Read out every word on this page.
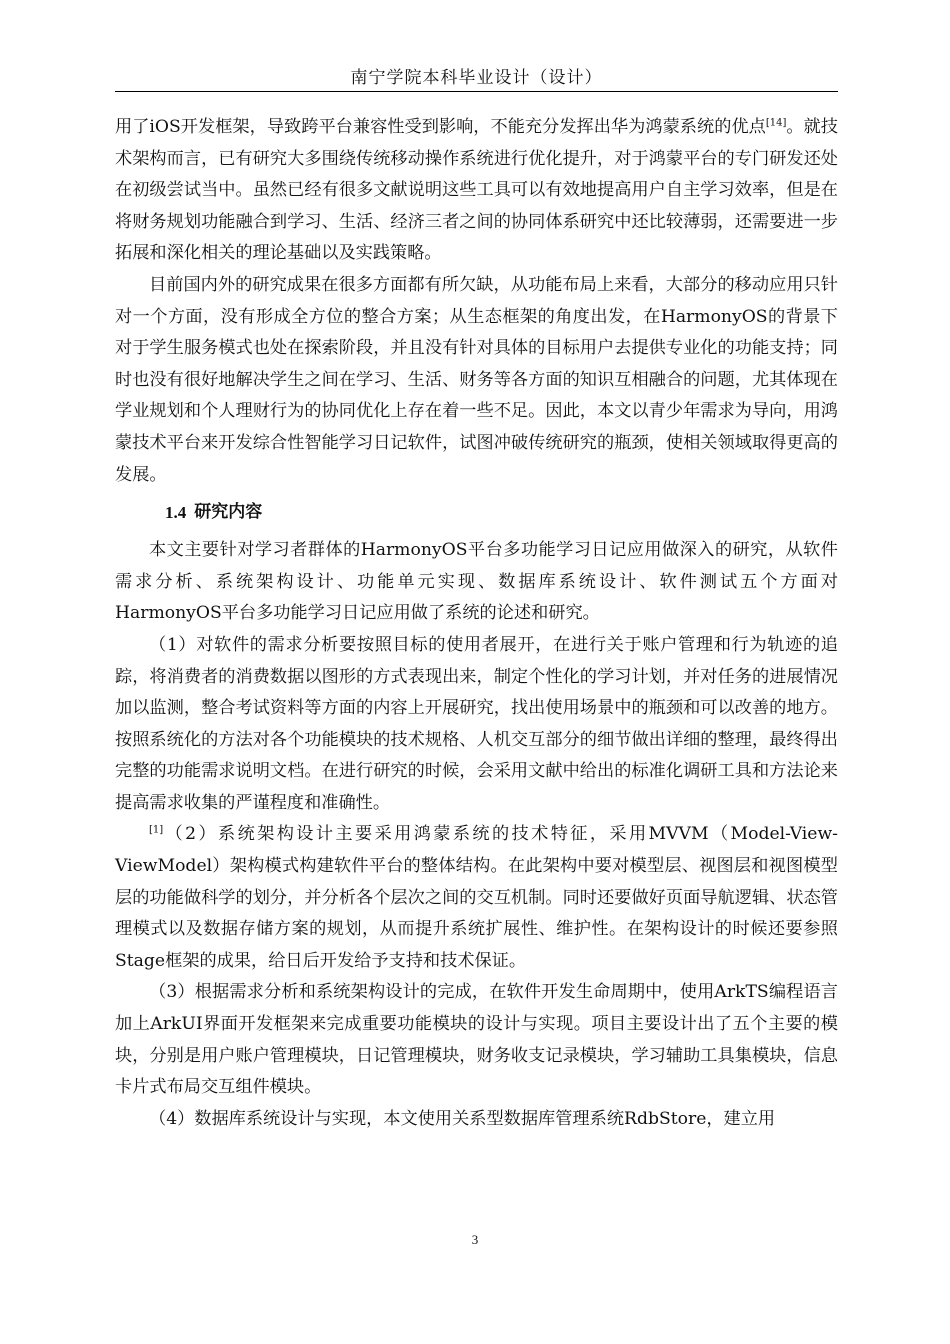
南宁学院本科毕业设计（设计）

用了iOS开发框架，导致跨平台兼容性受到影响，不能充分发挥出华为鸿蒙系统的优点[14]。就技术架构而言，已有研究大多围绕传统移动操作系统进行优化提升，对于鸿蒙平台的专门研发还处在初级尝试当中。虽然已经有很多文献说明这些工具可以有效地提高用户自主学习效率，但是在将财务规划功能融合到学习、生活、经济三者之间的协同体系研究中还比较薄弱，还需要进一步拓展和深化相关的理论基础以及实践策略。

目前国内外的研究成果在很多方面都有所欠缺，从功能布局上来看，大部分的移动应用只针对一个方面，没有形成全方位的整合方案；从生态框架的角度出发，在HarmonyOS的背景下对于学生服务模式也处在探索阶段，并且没有针对具体的目标用户去提供专业化的功能支持；同时也没有很好地解决学生之间在学习、生活、财务等各方面的知识互相融合的问题，尤其体现在学业规划和个人理财行为的协同优化上存在着一些不足。因此，本文以青少年需求为导向，用鸿蒙技术平台来开发综合性智能学习日记软件，试图冲破传统研究的瓶颈，使相关领域取得更高的发展。

1.4 研究内容

本文主要针对学习者群体的HarmonyOS平台多功能学习日记应用做深入的研究，从软件需求分析、系统架构设计、功能单元实现、数据库系统设计、软件测试五个方面对HarmonyOS平台多功能学习日记应用做了系统的论述和研究。

（1）对软件的需求分析要按照目标的使用者展开，在进行关于账户管理和行为轨迹的追踪，将消费者的消费数据以图形的方式表现出来，制定个性化的学习计划，并对任务的进展情况加以监测，整合考试资料等方面的内容上开展研究，找出使用场景中的瓶颈和可以改善的地方。按照系统化的方法对各个功能模块的技术规格、人机交互部分的细节做出详细的整理，最终得出完整的功能需求说明文档。在进行研究的时候，会采用文献中给出的标准化调研工具和方法论来提高需求收集的严谨程度和准确性。

[1]（2）系统架构设计主要采用鸿蒙系统的技术特征，采用MVVM（Model-View-ViewModel）架构模式构建软件平台的整体结构。在此架构中要对模型层、视图层和视图模型层的功能做科学的划分，并分析各个层次之间的交互机制。同时还要做好页面导航逻辑、状态管理模式以及数据存储方案的规划，从而提升系统扩展性、维护性。在架构设计的时候还要参照Stage框架的成果，给日后开发给予支持和技术保证。

（3）根据需求分析和系统架构设计的完成，在软件开发生命周期中，使用ArkTS编程语言加上ArkUI界面开发框架来完成重要功能模块的设计与实现。项目主要设计出了五个主要的模块，分别是用户账户管理模块，日记管理模块，财务收支记录模块，学习辅助工具集模块，信息卡片式布局交互组件模块。

（4）数据库系统设计与实现，本文使用关系型数据库管理系统RdbStore，建立用

3
